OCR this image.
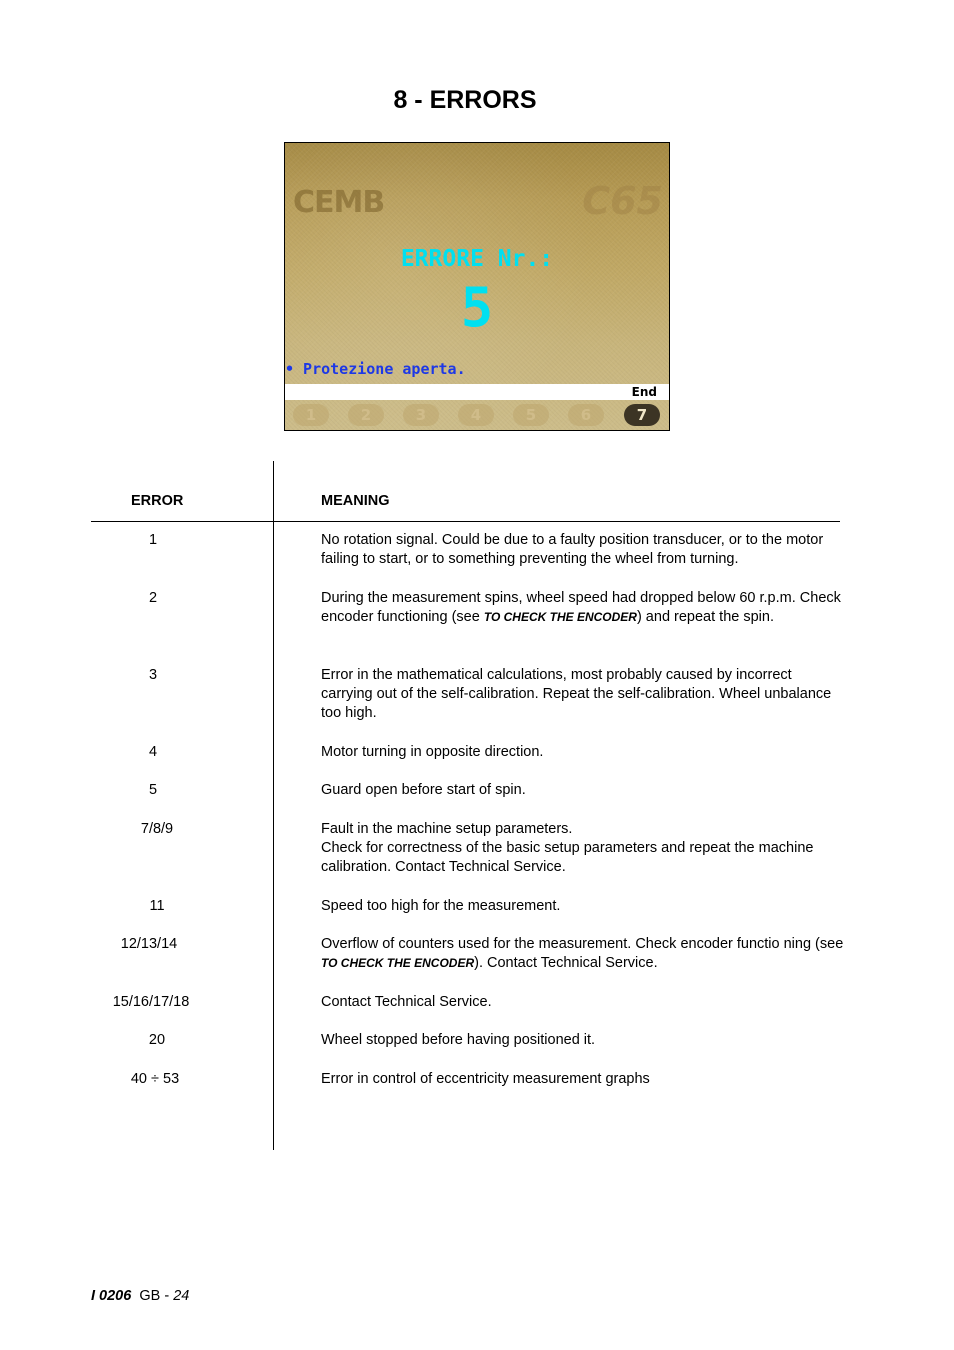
8 - ERRORS
CEMB	C65
ERRORE Nr.:
5
• Protezione aperta.
End
1	2	3	4	5	6	7
ERROR	MEANING
1	No rotation signal. Could be due to a faulty position transducer, or to the motor failing to start, or to something preventing the wheel from turning.
2	During the measurement spins, wheel speed had dropped below 60 r.p.m. Check encoder functioning (see TO CHECK THE ENCODER) and repeat the spin.
3	Error in the mathematical calculations, most probably caused by incorrect carrying out of the self-calibration. Repeat the self-calibration. Wheel unbalance too high.
4	Motor turning in opposite direction.
5	Guard open before start of spin.
7/8/9	Fault in the machine setup parameters.
Check for correctness of the basic setup parameters and repeat the machine calibration. Contact Technical Service.
11	Speed too high for the measurement.
12/13/14	Overflow of counters used for the measurement. Check encoder functio ning (see TO CHECK THE ENCODER). Contact Technical Service.
15/16/17/18	Contact Technical Service.
20	Wheel stopped before having positioned it.
40 ÷ 53	Error in control of eccentricity measurement graphs
I 0206 GB - 24
